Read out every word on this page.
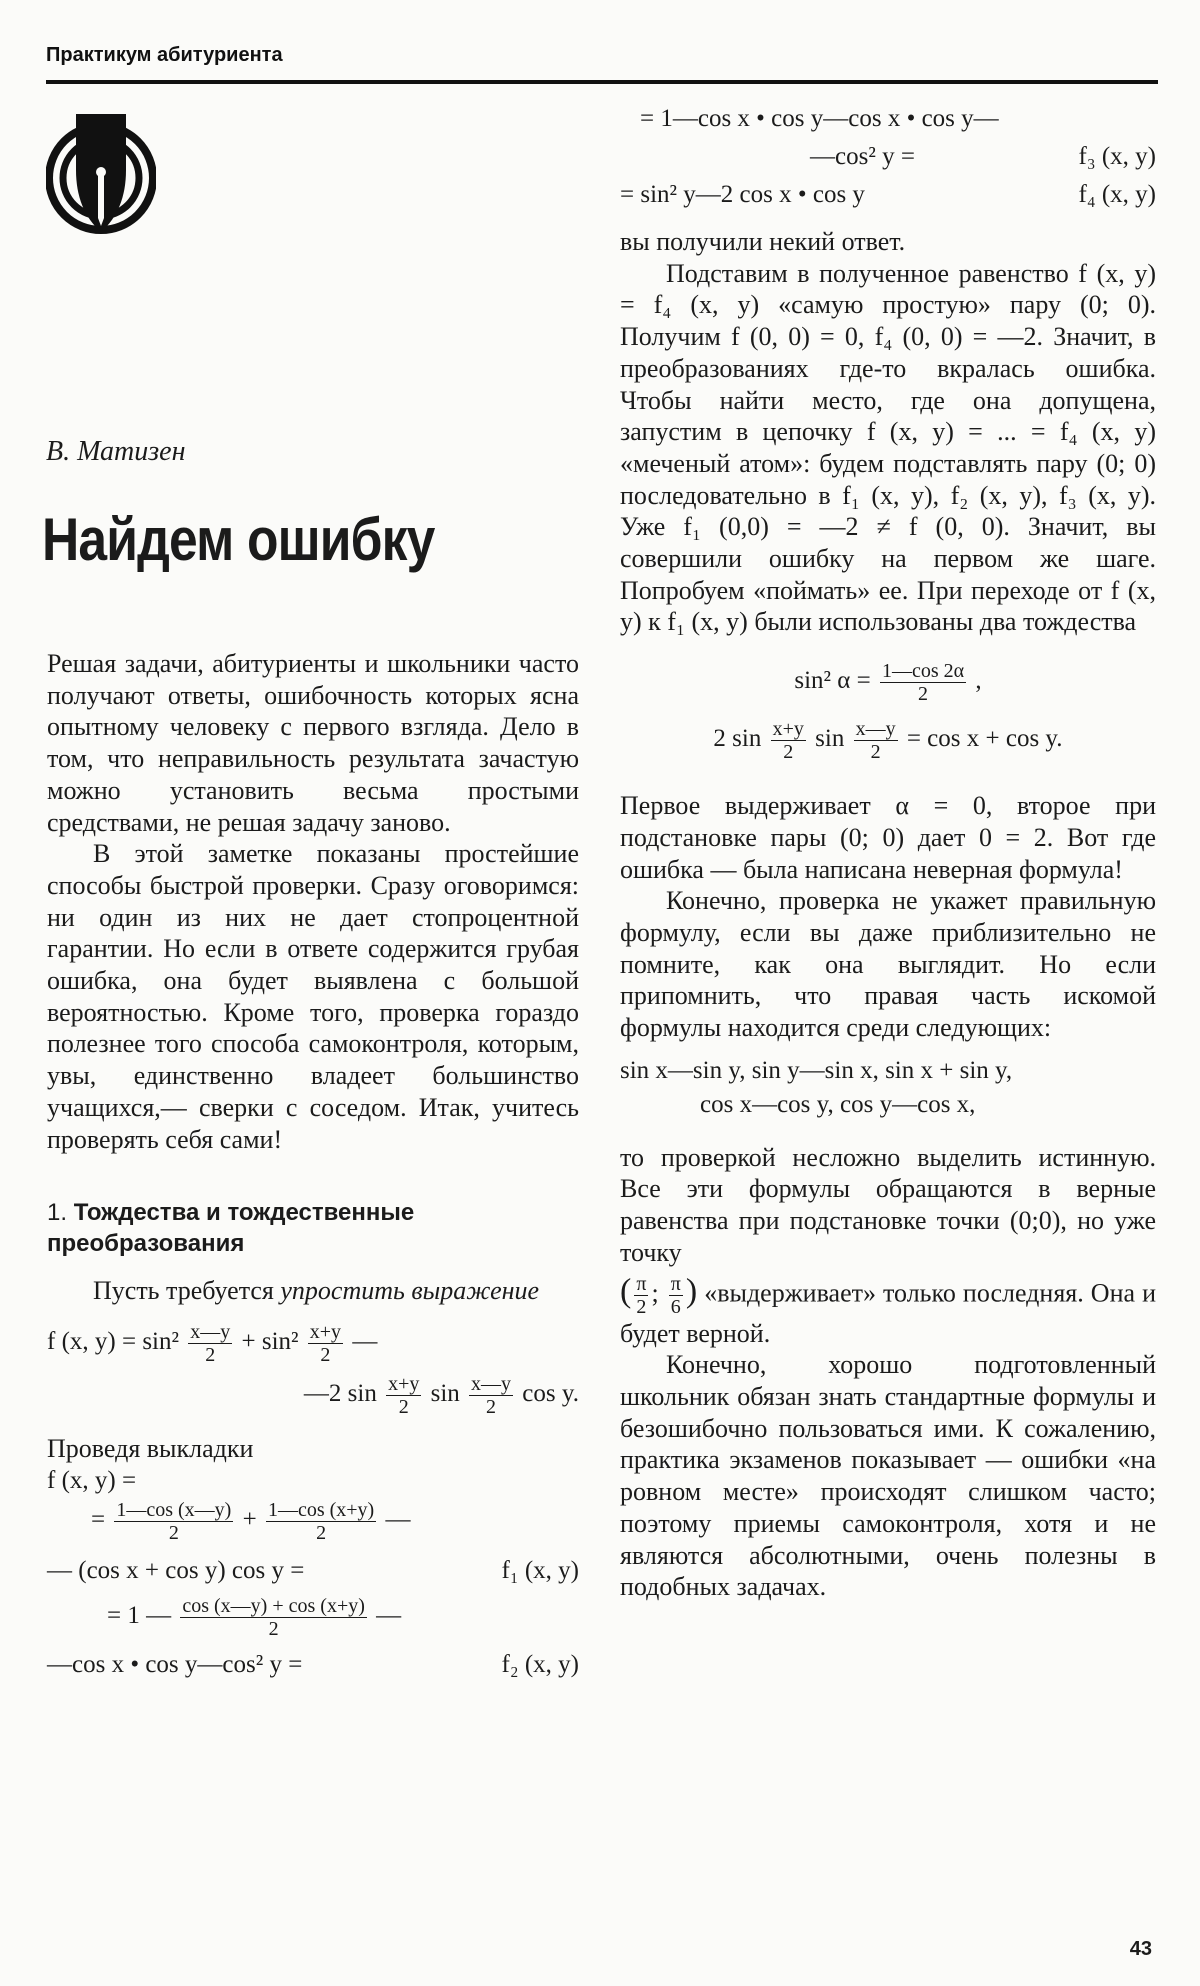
Практикум абитуриента
В. Матизен
Найдем ошибку

Решая задачи, абитуриенты и школьники часто получают ответы, ошибочность которых ясна опытному человеку с первого взгляда. Дело в том, что неправильность результата зачастую можно установить весьма простыми средствами, не решая задачу заново.

В этой заметке показаны простейшие способы быстрой проверки. Сразу оговоримся: ни один из них не дает стопроцентной гарантии. Но если в ответе содержится грубая ошибка, она будет выявлена с большой вероятностью. Кроме того, проверка гораздо полезнее того способа самоконтроля, которым, увы, единственно владеет большинство учащихся,— сверки с соседом. Итак, учитесь проверять себя сами!

1. Тождества и тождественные преобразования

Пусть требуется упростить выражение

f (x, $y) = \sin^2 \frac{x—y}{2} + \sin^2 \frac{x+y}{2}$ —
—2 $\sin \frac{x+y}{2}$ $\sin \frac{x—y}{2}$ cos y.

Проведя выкладки

f (x, y) =
= $\frac{1—\cos (x—y)}{2} + \frac{1—\cos (x+y)}{2}$ —
— (cos x + cos y) cos y =	f₁ (x, y)
= 1 — $\frac{\cos (x—y) + \cos (x+y)}{2}$ —
—cos x • cos y—cos² y =	f₂ (x, y)
= 1—cos x • cos y—cos x • cos y—
—cos² y =	f₃ (x, y)
= sin² y—2 cos x • cos y	f₄ (x, y)

вы получили некий ответ.

Подставим в полученное равенство f (x, y) = f₄ (x, y) «самую простую» пару (0; 0). Получим f (0, 0) = 0, f₄ (0, 0) = —2. Значит, в преобразованиях где-то вкралась ошибка. Чтобы найти место, где она допущена, запустим в цепочку f (x, y) = ... = f₄ (x, y) «меченый атом»: будем подставлять пару (0; 0) последовательно в f₁ (x, y), f₂ (x, y), f₃ (x, y). Уже f₁ (0,0) = —2 ≠ f (0, 0). Значит, вы совершили ошибку на первом же шаге. Попробуем «поймать» ее. При переходе от f (x, y) к f₁ (x, y) были использованы два тождества

sin² $\alpha = \frac{1—\cos 2\alpha}{2}$ ,
2 $\sin \frac{x+y}{2}$ $\sin \frac{x—y}{2} = \cos x + \cos y$.

Первое выдерживает α = 0, второе при подстановке пары (0; 0) дает 0 = 2. Вот где ошибка — была написана неверная формула!

Конечно, проверка не укажет правильную формулу, если вы даже приблизительно не помните, как она выглядит. Но если припомнить, что правая часть искомой формулы находится среди следующих:

sin x—sin y, sin y—sin x, sin x + sin y,
cos x—cos y, cos y—cos x,

то проверкой несложно выделить истинную. Все эти формулы обращаются в верные равенства при подстановке точки (0;0), но уже точку

( $\frac{\pi}{2}$ ; $\frac{\pi}{6}$ ) «выдерживает» только последняя. Она и будет верной.

Конечно, хорошо подготовленный школьник обязан знать стандартные формулы и безошибочно пользоваться ими. К сожалению, практика экзаменов показывает — ошибки «на ровном месте» происходят слишком часто; поэтому приемы самоконтроля, хотя и не являются абсолютными, очень полезны в подобных задачах.

43
